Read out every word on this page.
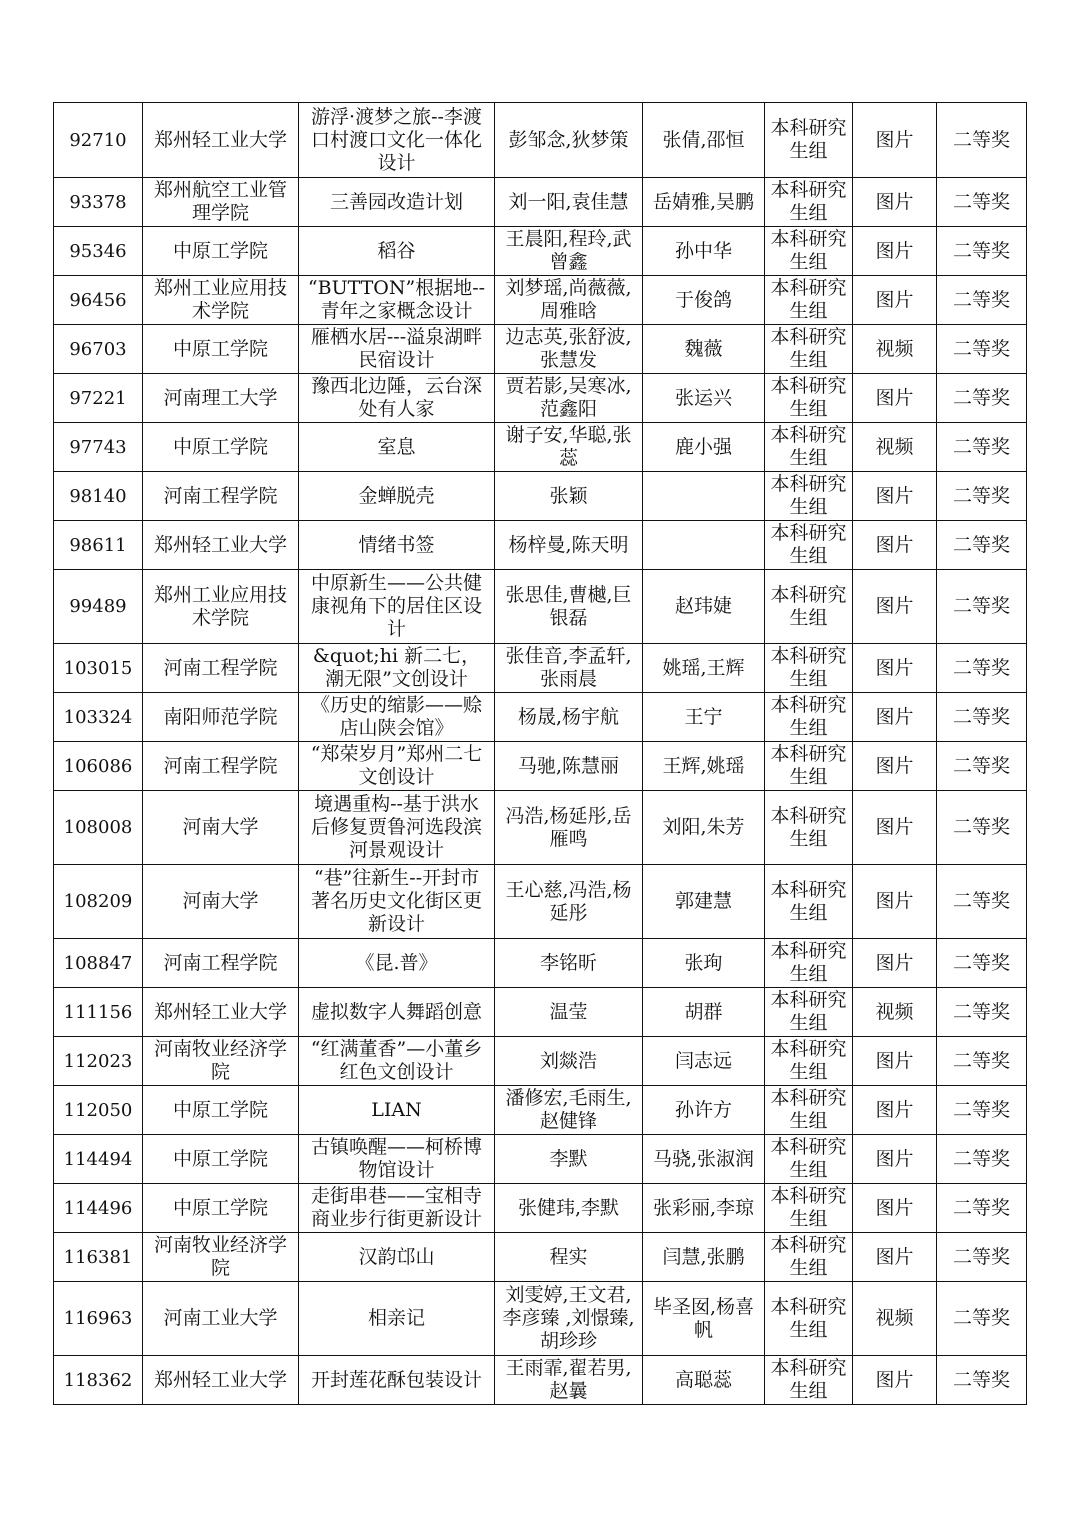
92710	郑州轻工业大学	游浮·渡梦之旅--李渡口村渡口文化一体化设计	彭邹念,狄梦策	张倩,邵恒	本科研究生组	图片	二等奖
93378	郑州航空工业管理学院	三善园改造计划	刘一阳,袁佳慧	岳婧雅,吴鹏	本科研究生组	图片	二等奖
95346	中原工学院	稻谷	王晨阳,程玲,武曾鑫	孙中华	本科研究生组	图片	二等奖
96456	郑州工业应用技术学院	“BUTTON”根据地--青年之家概念设计	刘梦瑶,尚薇薇,周雅晗	于俊鸽	本科研究生组	图片	二等奖
96703	中原工学院	雁栖水居---溢泉湖畔民宿设计	边志英,张舒波,张慧发	魏薇	本科研究生组	视频	二等奖
97221	河南理工大学	豫西北边陲，云台深处有人家	贾若影,吴寒冰,范鑫阳	张运兴	本科研究生组	图片	二等奖
97743	中原工学院	室息	谢子安,华聪,张蕊	鹿小强	本科研究生组	视频	二等奖
98140	河南工程学院	金蝉脱壳	张颖		本科研究生组	图片	二等奖
98611	郑州轻工业大学	情绪书签	杨梓曼,陈天明		本科研究生组	图片	二等奖
99489	郑州工业应用技术学院	中原新生——公共健康视角下的居住区设计	张思佳,曹樾,巨银磊	赵玮婕	本科研究生组	图片	二等奖
103015	河南工程学院	&quot;hi 新二七，潮无限”文创设计	张佳音,李孟轩,张雨晨	姚瑶,王辉	本科研究生组	图片	二等奖
103324	南阳师范学院	《历史的缩影——赊店山陕会馆》	杨晟,杨宇航	王宁	本科研究生组	图片	二等奖
106086	河南工程学院	“郑荣岁月”郑州二七文创设计	马驰,陈慧丽	王辉,姚瑶	本科研究生组	图片	二等奖
108008	河南大学	境遇重构--基于洪水后修复贾鲁河选段滨河景观设计	冯浩,杨延彤,岳雁鸣	刘阳,朱芳	本科研究生组	图片	二等奖
108209	河南大学	“巷”往新生--开封市著名历史文化街区更新设计	王心慈,冯浩,杨延彤	郭建慧	本科研究生组	图片	二等奖
108847	河南工程学院	《昆.普》	李铭昕	张珣	本科研究生组	图片	二等奖
111156	郑州轻工业大学	虚拟数字人舞蹈创意	温莹	胡群	本科研究生组	视频	二等奖
112023	河南牧业经济学院	“红满董香”—小董乡红色文创设计	刘燚浩	闫志远	本科研究生组	图片	二等奖
112050	中原工学院	LIAN	潘修宏,毛雨生,赵健锋	孙许方	本科研究生组	图片	二等奖
114494	中原工学院	古镇唤醒——柯桥博物馆设计	李默	马骁,张淑润	本科研究生组	图片	二等奖
114496	中原工学院	走街串巷——宝相寺商业步行街更新设计	张健玮,李默	张彩丽,李琼	本科研究生组	图片	二等奖
116381	河南牧业经济学院	汉韵邙山	程实	闫慧,张鹏	本科研究生组	图片	二等奖
116963	河南工业大学	相亲记	刘雯婷,王文君,李彦臻 ,刘憬臻,胡珍珍	毕圣囡,杨喜帆	本科研究生组	视频	二等奖
118362	郑州轻工业大学	开封莲花酥包装设计	王雨霏,翟若男,赵曩	高聪蕊	本科研究生组	图片	二等奖
